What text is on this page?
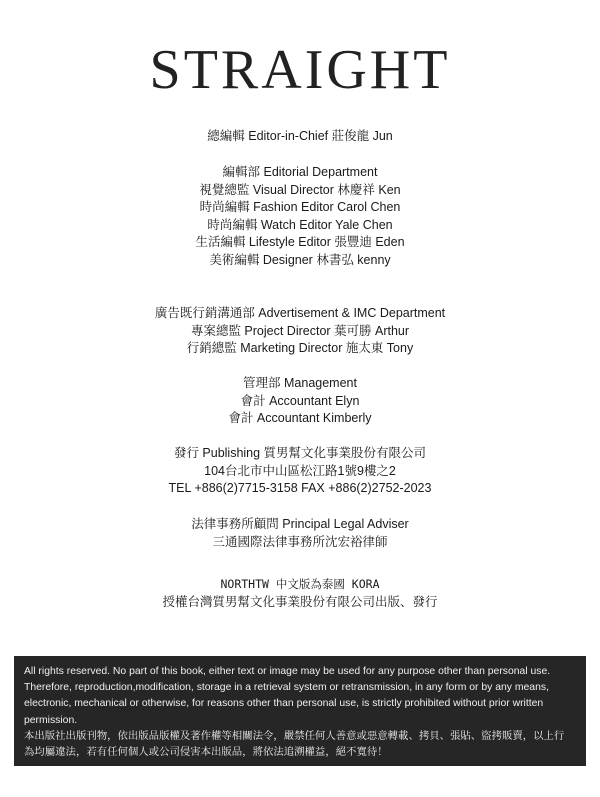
STRAIGHT
總編輯 Editor-in-Chief 莊俊龍 Jun
編輯部 Editorial Department
視覺總監 Visual Director 林慶祥 Ken
時尚編輯 Fashion Editor Carol Chen
時尚編輯 Watch Editor Yale Chen
生活編輯 Lifestyle Editor 張豐迪 Eden
美術編輯 Designer 林書弘 kenny
廣告既行銷溝通部 Advertisement & IMC Department
專案總監 Project Director 葉可勝 Arthur
行銷總監 Marketing Director 施太東 Tony
管理部 Management
會計 Accountant Elyn
會計 Accountant Kimberly
發行 Publishing 質男幫文化事業股份有限公司
104台北市中山區松江路1號9樓之2
TEL +886(2)7715-3158 FAX +886(2)2752-2023
法律事務所顧問 Principal Legal Adviser
三通國際法律事務所沈宏裕律師
NORTHTW 中文版為泰國 KORA
授權台灣質男幫文化事業股份有限公司出版、發行
All rights reserved. No part of this book, either text or image may be used for any purpose other than personal use.
Therefore, reproduction,modification, storage in a retrieval system or retransmission, in any form or by any means,
electronic, mechanical or otherwise, for reasons other than personal use, is strictly prohibited without prior written
permission.
本出版社出版刊物，依出版品版權及著作權等相關法令，嚴禁任何人善意或惡意轉載、拷貝、張貼、盜拷販賣，以上行
為均屬違法，若有任何個人或公司侵害本出版品，將依法追溯權益，絕不寬待！
